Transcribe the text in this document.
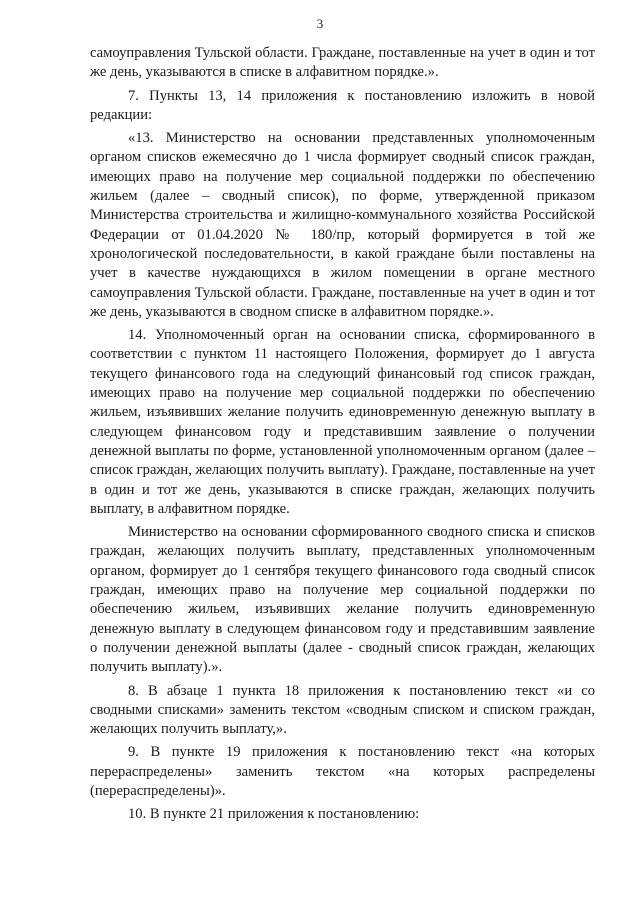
3

самоуправления Тульской области. Граждане, поставленные на учет в один и тот же день, указываются в списке в алфавитном порядке.».

7. Пункты 13, 14 приложения к постановлению изложить в новой редакции:

«13. Министерство на основании представленных уполномоченным органом списков ежемесячно до 1 числа формирует сводный список граждан, имеющих право на получение мер социальной поддержки по обеспечению жильем (далее – сводный список), по форме, утвержденной приказом Министерства строительства и жилищно-коммунального хозяйства Российской Федерации от 01.04.2020 № 180/пр, который формируется в той же хронологической последовательности, в какой граждане были поставлены на учет в качестве нуждающихся в жилом помещении в органе местного самоуправления Тульской области. Граждане, поставленные на учет в один и тот же день, указываются в сводном списке в алфавитном порядке.».

14. Уполномоченный орган на основании списка, сформированного в соответствии с пунктом 11 настоящего Положения, формирует до 1 августа текущего финансового года на следующий финансовый год список граждан, имеющих право на получение мер социальной поддержки по обеспечению жильем, изъявивших желание получить единовременную денежную выплату в следующем финансовом году и представившим заявление о получении денежной выплаты по форме, установленной уполномоченным органом (далее – список граждан, желающих получить выплату). Граждане, поставленные на учет в один и тот же день, указываются в списке граждан, желающих получить выплату, в алфавитном порядке.

Министерство на основании сформированного сводного списка и списков граждан, желающих получить выплату, представленных уполномоченным органом, формирует до 1 сентября текущего финансового года сводный список граждан, имеющих право на получение мер социальной поддержки по обеспечению жильем, изъявивших желание получить единовременную денежную выплату в следующем финансовом году и представившим заявление о получении денежной выплаты (далее - сводный список граждан, желающих получить выплату).».

8. В абзаце 1 пункта 18 приложения к постановлению текст «и со сводными списками» заменить текстом «сводным списком и списком граждан, желающих получить выплату,».

9. В пункте 19 приложения к постановлению текст «на которых перераспределены» заменить текстом «на которых распределены (перераспределены)».

10. В пункте 21 приложения к постановлению:
